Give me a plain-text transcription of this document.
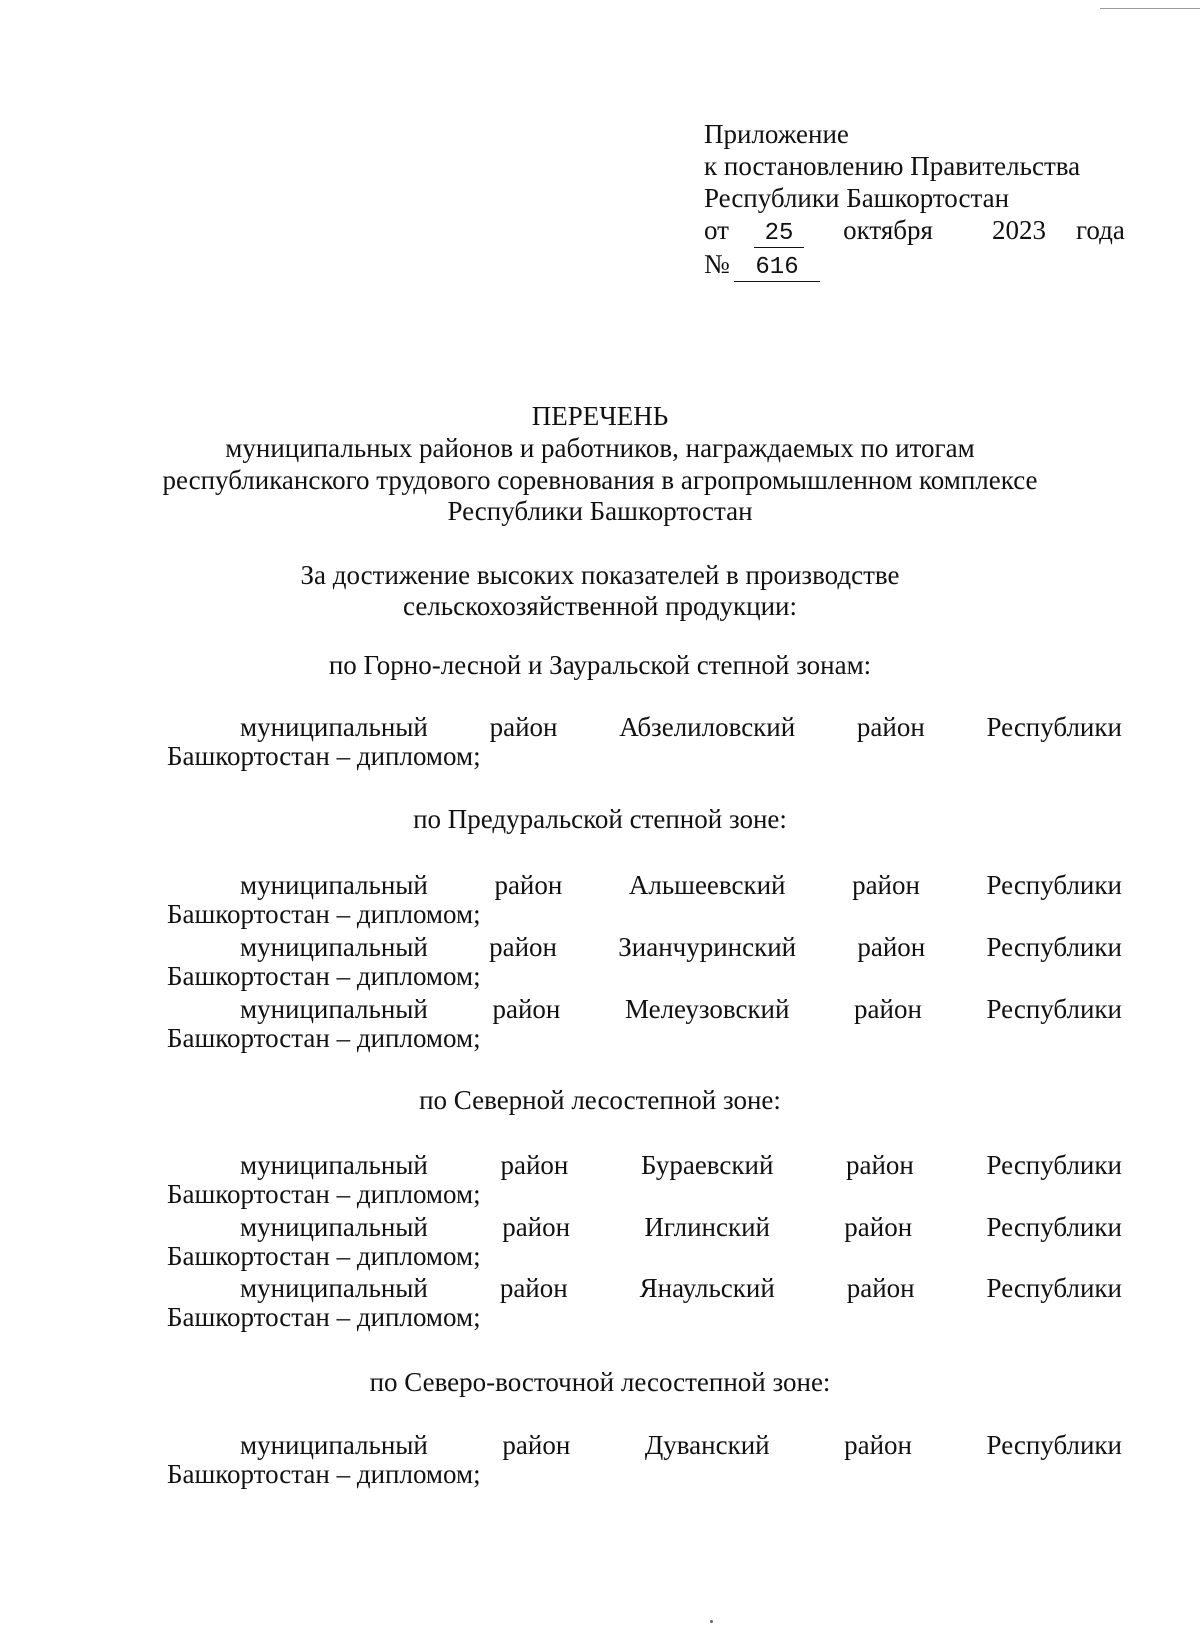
Приложение
к постановлению Правительства
Республики Башкортостан
от 25 октября 2023 года
№ 616
ПЕРЕЧЕНЬ
муниципальных районов и работников, награждаемых по итогам
республиканского трудового соревнования в агропромышленном комплексе
Республики Башкортостан
За достижение высоких показателей в производстве
сельскохозяйственной продукции:
по Горно-лесной и Зауральской степной зонам:
муниципальный район Абзелиловский район Республики
Башкортостан – дипломом;
по Предуральской степной зоне:
муниципальный район Альшеевский район Республики
Башкортостан – дипломом;
муниципальный район Зианчуринский район Республики
Башкортостан – дипломом;
муниципальный район Мелеузовский район Республики
Башкортостан – дипломом;
по Северной лесостепной зоне:
муниципальный	район	Бураевский	район	Республики
Башкортостан – дипломом;
муниципальный	район	Иглинский	район	Республики
Башкортостан – дипломом;
муниципальный	район	Янаульский	район	Республики
Башкортостан – дипломом;
по Северо-восточной лесостепной зоне:
муниципальный	район	Дуванский	район	Республики
Башкортостан – дипломом;
